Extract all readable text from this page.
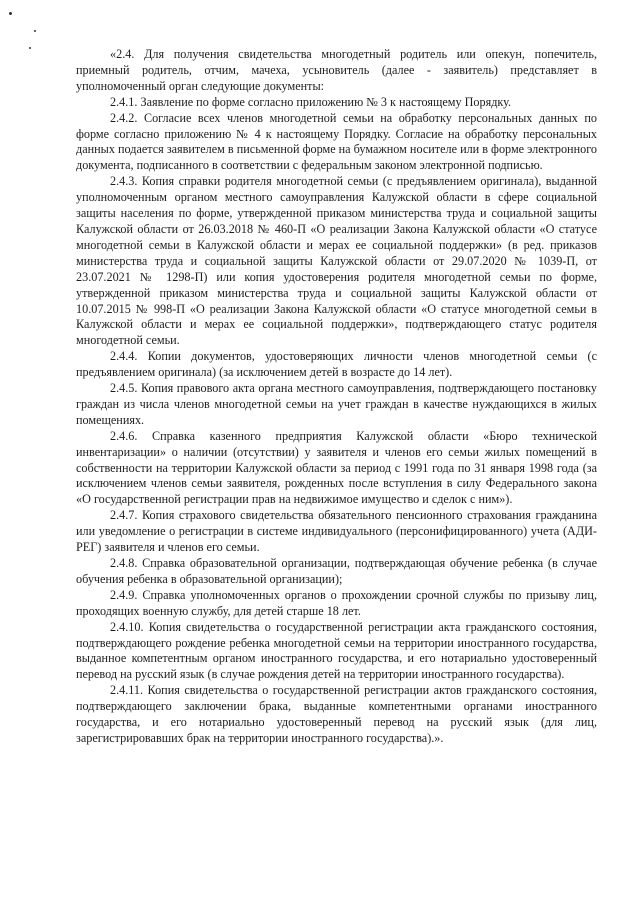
«2.4. Для получения свидетельства многодетный родитель или опекун, попечитель, приемный родитель, отчим, мачеха, усыновитель (далее - заявитель) представляет в уполномоченный орган следующие документы:

2.4.1. Заявление по форме согласно приложению № 3 к настоящему Порядку.

2.4.2. Согласие всех членов многодетной семьи на обработку персональных данных по форме согласно приложению № 4 к настоящему Порядку. Согласие на обработку персональных данных подается заявителем в письменной форме на бумажном носителе или в форме электронного документа, подписанного в соответствии с федеральным законом электронной подписью.

2.4.3. Копия справки родителя многодетной семьи (с предъявлением оригинала), выданной уполномоченным органом местного самоуправления Калужской области в сфере социальной защиты населения по форме, утвержденной приказом министерства труда и социальной защиты Калужской области от 26.03.2018 № 460-П «О реализации Закона Калужской области «О статусе многодетной семьи в Калужской области и мерах ее социальной поддержки» (в ред. приказов министерства труда и социальной защиты Калужской области от 29.07.2020 № 1039-П, от 23.07.2021 № 1298-П) или копия удостоверения родителя многодетной семьи по форме, утвержденной приказом министерства труда и социальной защиты Калужской области от 10.07.2015 № 998-П «О реализации Закона Калужской области «О статусе многодетной семьи в Калужской области и мерах ее социальной поддержки», подтверждающего статус родителя многодетной семьи.

2.4.4. Копии документов, удостоверяющих личности членов многодетной семьи (с предъявлением оригинала) (за исключением детей в возрасте до 14 лет).

2.4.5. Копия правового акта органа местного самоуправления, подтверждающего постановку граждан из числа членов многодетной семьи на учет граждан в качестве нуждающихся в жилых помещениях.

2.4.6. Справка казенного предприятия Калужской области «Бюро технической инвентаризации» о наличии (отсутствии) у заявителя и членов его семьи жилых помещений в собственности на территории Калужской области за период с 1991 года по 31 января 1998 года (за исключением членов семьи заявителя, рожденных после вступления в силу Федерального закона «О государственной регистрации прав на недвижимое имущество и сделок с ним»).

2.4.7. Копия страхового свидетельства обязательного пенсионного страхования гражданина или уведомление о регистрации в системе индивидуального (персонифицированного) учета (АДИ-РЕГ) заявителя и членов его семьи.

2.4.8. Справка образовательной организации, подтверждающая обучение ребенка (в случае обучения ребенка в образовательной организации);

2.4.9. Справка уполномоченных органов о прохождении срочной службы по призыву лиц, проходящих военную службу, для детей старше 18 лет.

2.4.10. Копия свидетельства о государственной регистрации акта гражданского состояния, подтверждающего рождение ребенка многодетной семьи на территории иностранного государства, выданное компетентным органом иностранного государства, и его нотариально удостоверенный перевод на русский язык (в случае рождения детей на территории иностранного государства).

2.4.11. Копия свидетельства о государственной регистрации актов гражданского состояния, подтверждающего заключении брака, выданные компетентными органами иностранного государства, и его нотариально удостоверенный перевод на русский язык (для лиц, зарегистрировавших брак на территории иностранного государства).».
